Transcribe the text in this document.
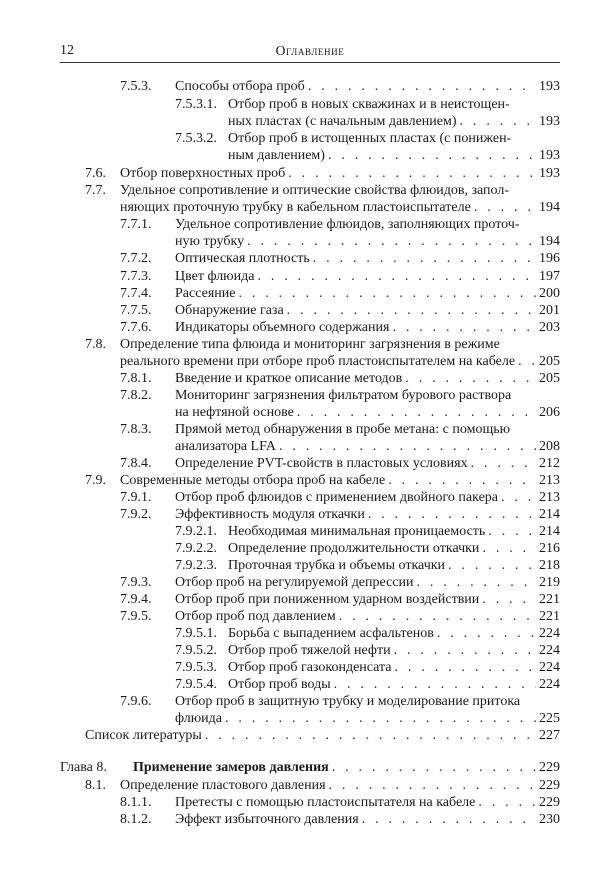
12	Оглавление
7.5.3. Способы отбора проб . . .	193
7.5.3.1. Отбор проб в новых скважинах и в неистощен-
ных пластах (с начальным давлением) . . .	193
7.5.3.2. Отбор проб в истощенных пластах (с понижен-
ным давлением) . . .	193
7.6. Отбор поверхностных проб . . .	193
7.7. Удельное сопротивление и оптические свойства флюидов, запол-
няющих проточную трубку в кабельном пластоиспытателе . . .	194
7.7.1. Удельное сопротивление флюидов, заполняющих проточ-
ную трубку . . .	194
7.7.2. Оптическая плотность . . .	196
7.7.3. Цвет флюида . . .	197
7.7.4. Рассеяние . . .	200
7.7.5. Обнаружение газа . . .	201
7.7.6. Индикаторы объемного содержания . . .	203
7.8. Определение типа флюида и мониторинг загрязнения в режиме
реального времени при отборе проб пластоиспытателем на кабеле . . . 205
7.8.1. Введение и краткое описание методов . . .	205
7.8.2. Мониторинг загрязнения фильтратом бурового раствора
на нефтяной основе . . .	206
7.8.3. Прямой метод обнаружения в пробе метана: с помощью
анализатора LFA . . .	208
7.8.4. Определение PVT-свойств в пластовых условиях . . .	212
7.9. Современные методы отбора проб на кабеле . . .	213
7.9.1. Отбор проб флюидов с применением двойного пакера . . .	213
7.9.2. Эффективность модуля откачки . . .	214
7.9.2.1. Необходимая минимальная проницаемость . . .	214
7.9.2.2. Определение продолжительности откачки . . .	216
7.9.2.3. Проточная трубка и объемы откачки . . .	218
7.9.3. Отбор проб на регулируемой депрессии . . .	219
7.9.4. Отбор проб при пониженном ударном воздействии . . .	221
7.9.5. Отбор проб под давлением . . .	221
7.9.5.1. Борьба с выпадением асфальтенов . . .	224
7.9.5.2. Отбор проб тяжелой нефти . . .	224
7.9.5.3. Отбор проб газоконденсата . . .	224
7.9.5.4. Отбор проб воды . . .	224
7.9.6. Отбор проб в защитную трубку и моделирование притока
флюида . . .	225
Список литературы . . .	227
Глава 8. Применение замеров давления . . .	229
8.1. Определение пластового давления . . .	229
8.1.1. Претесты с помощью пластоиспытателя на кабеле . . .	229
8.1.2. Эффект избыточного давления . . .	230
